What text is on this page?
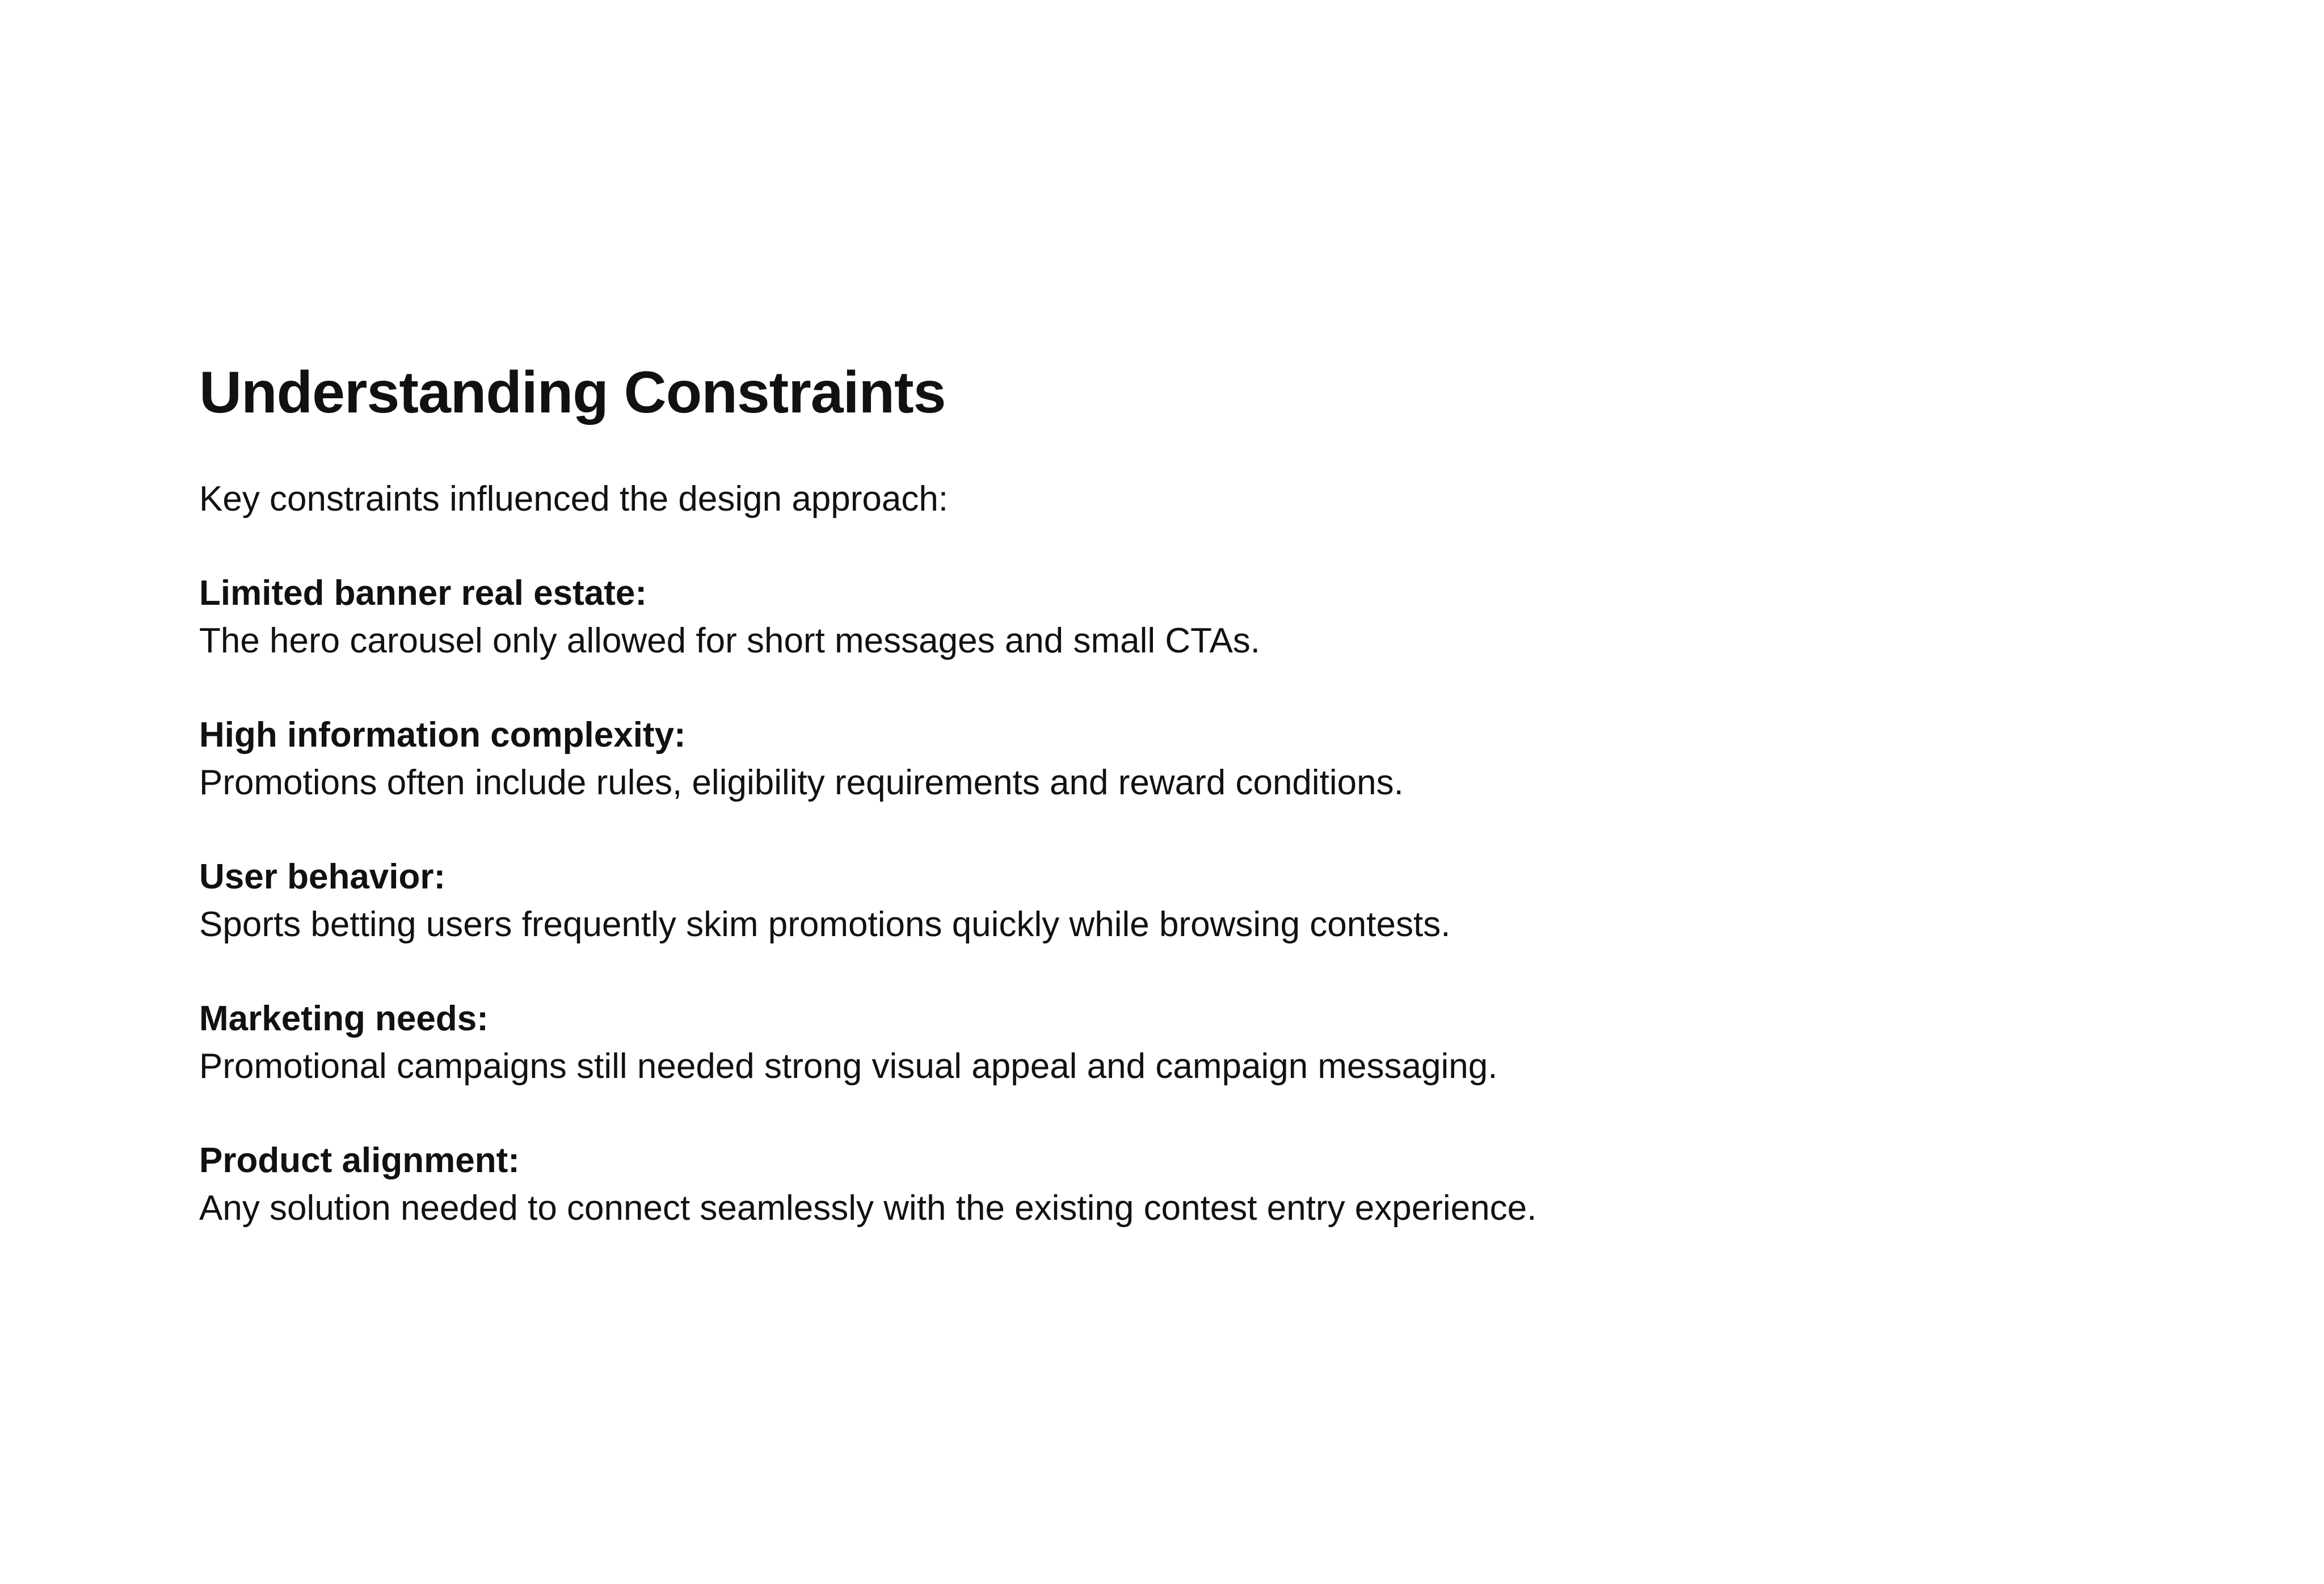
Understanding Constraints

Key constraints influenced the design approach:

Limited banner real estate:
The hero carousel only allowed for short messages and small CTAs.
High information complexity:
Promotions often include rules, eligibility requirements and reward conditions.
User behavior:
Sports betting users frequently skim promotions quickly while browsing contests.
Marketing needs:
Promotional campaigns still needed strong visual appeal and campaign messaging.
Product alignment:
Any solution needed to connect seamlessly with the existing contest entry experience.
